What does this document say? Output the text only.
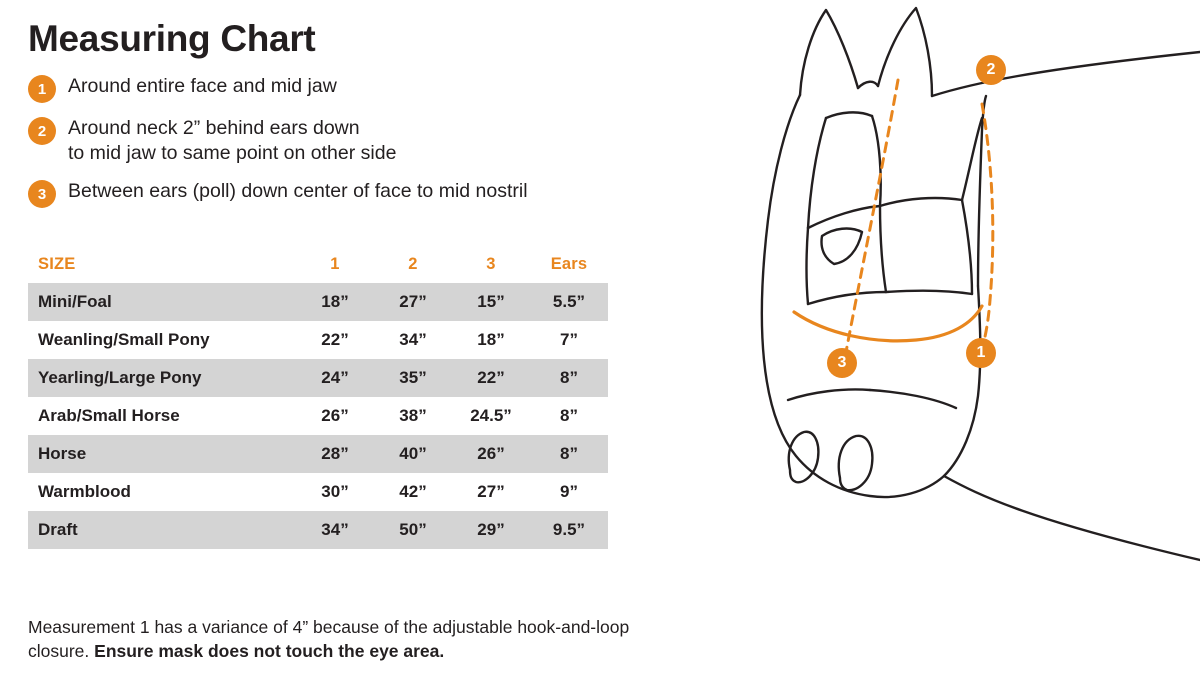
Measuring Chart
1	Around entire face and mid jaw
2	Around neck 2” behind ears down
to mid jaw to same point on other side
3	Between ears (poll) down center of face to mid nostril
SIZE	1	2	3	Ears
Mini/Foal	18”	27”	15”	5.5”
Weanling/Small Pony	22”	34”	18”	7”
Yearling/Large Pony	24”	35”	22”	8”
Arab/Small Horse	26”	38”	24.5”	8”
Horse	28”	40”	26”	8”
Warmblood	30”	42”	27”	9”
Draft	34”	50”	29”	9.5”
Measurement 1 has a variance of 4” because of the adjustable hook-and-loop closure. Ensure mask does not touch the eye area.
1
2
3
